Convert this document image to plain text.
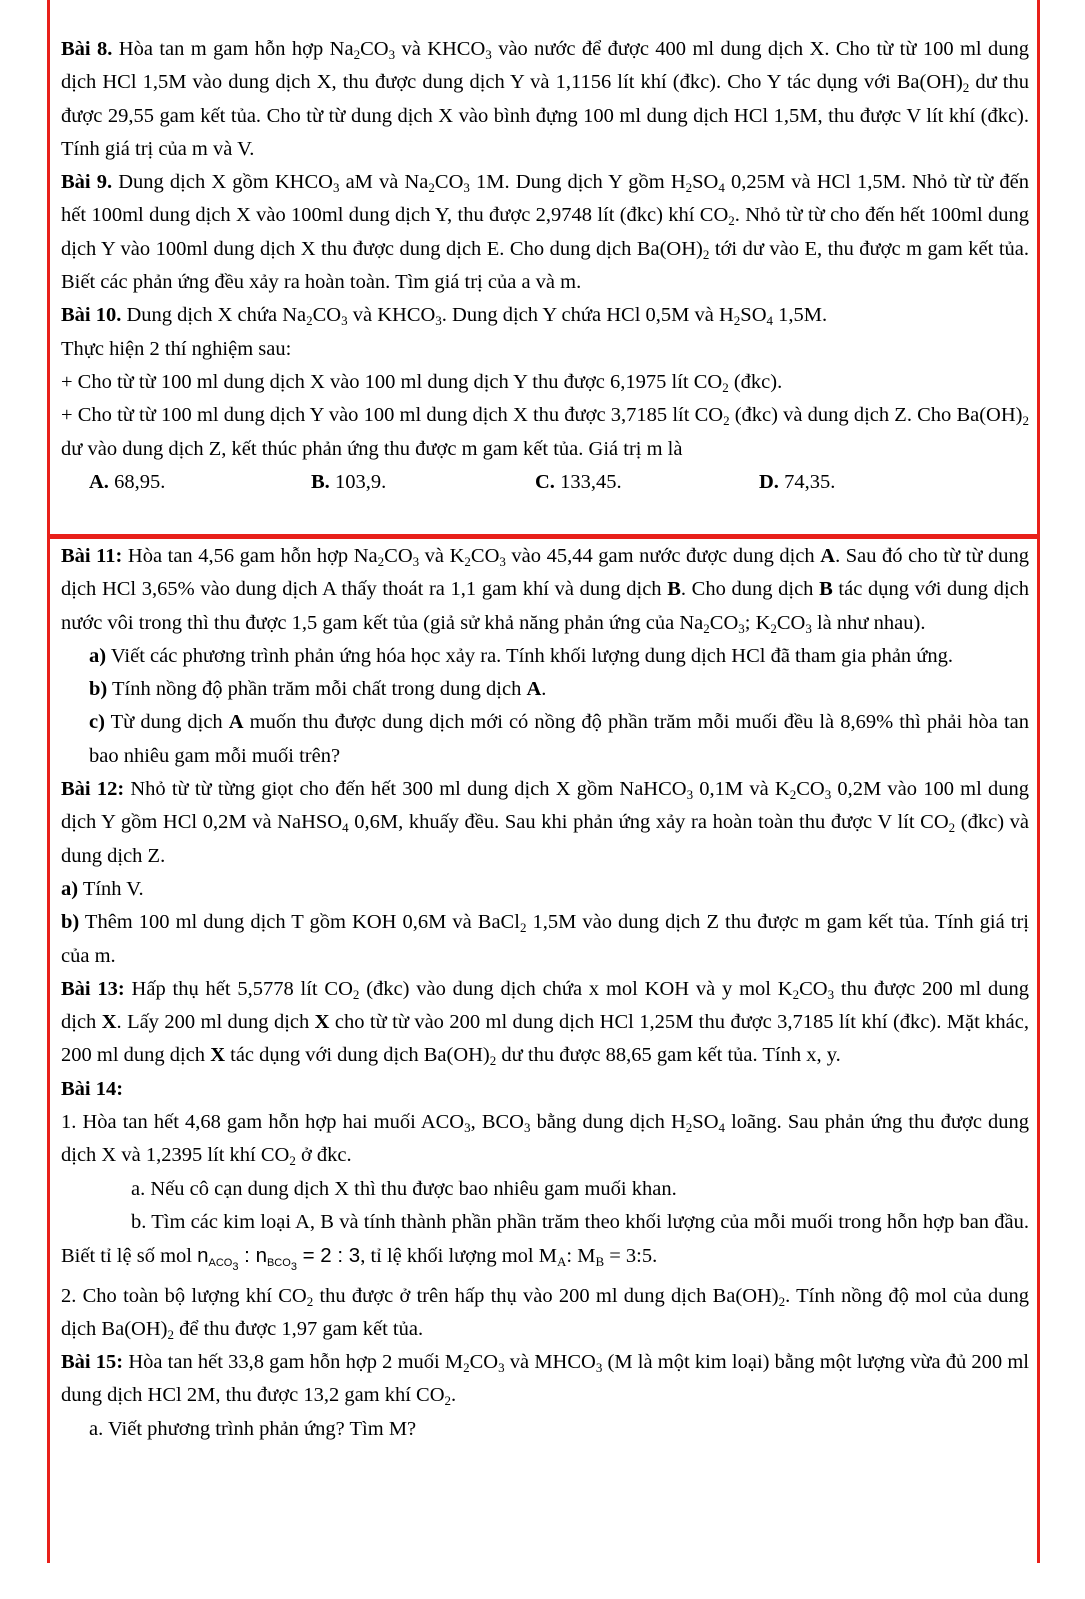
Bài 8. Hòa tan m gam hỗn hợp $Na_2CO_3$ và $KHCO_3$ vào nước để được 400 ml dung dịch X. Cho từ từ 100 ml dung dịch HCl 1,5M vào dung dịch X, thu được dung dịch Y và 1,1156 lít khí (đkc). Cho Y tác dụng với $Ba(OH)_2$ dư thu được 29,55 gam kết tủa. Cho từ từ dung dịch X vào bình đựng 100 ml dung dịch HCl 1,5M, thu được V lít khí (đkc). Tính giá trị của m và V.

Bài 9. Dung dịch X gồm $KHCO_3$ aM và $Na_2CO_3$ 1M. Dung dịch Y gồm $H_2SO_4$ 0,25M và HCl 1,5M. Nhỏ từ từ đến hết 100ml dung dịch X vào 100ml dung dịch Y, thu được 2,9748 lít (đkc) khí $CO_2$. Nhỏ từ từ cho đến hết 100ml dung dịch Y vào 100ml dung dịch X thu được dung dịch E. Cho dung dịch $Ba(OH)_2$ tới dư vào E, thu được m gam kết tủa. Biết các phản ứng đều xảy ra hoàn toàn. Tìm giá trị của a và m.

Bài 10. Dung dịch X chứa $Na_2CO_3$ và $KHCO_3$. Dung dịch Y chứa HCl 0,5M và $H_2SO_4$ 1,5M.

Thực hiện 2 thí nghiệm sau:

+ Cho từ từ 100 ml dung dịch X vào 100 ml dung dịch Y thu được 6,1975 lít $CO_2$ (đkc).

+ Cho từ từ 100 ml dung dịch Y vào 100 ml dung dịch X thu được 3,7185 lít $CO_2$ (đkc) và dung dịch Z. Cho $Ba(OH)_2$ dư vào dung dịch Z, kết thúc phản ứng thu được m gam kết tủa. Giá trị m là

A. 68,95.	B. 103,9.	C. 133,45.	D. 74,35.

Bài 11: Hòa tan 4,56 gam hỗn hợp $Na_2CO_3$ và $K_2CO_3$ vào 45,44 gam nước được dung dịch A. Sau đó cho từ từ dung dịch HCl 3,65% vào dung dịch A thấy thoát ra 1,1 gam khí và dung dịch B. Cho dung dịch B tác dụng với dung dịch nước vôi trong thì thu được 1,5 gam kết tủa (giả sử khả năng phản ứng của $Na_2CO_3$; $K_2CO_3$ là như nhau).

a) Viết các phương trình phản ứng hóa học xảy ra. Tính khối lượng dung dịch HCl đã tham gia phản ứng.

b) Tính nồng độ phần trăm mỗi chất trong dung dịch A.

c) Từ dung dịch A muốn thu được dung dịch mới có nồng độ phần trăm mỗi muối đều là 8,69% thì phải hòa tan bao nhiêu gam mỗi muối trên?

Bài 12: Nhỏ từ từ từng giọt cho đến hết 300 ml dung dịch X gồm NaHCO$_3$ 0,1M và $K_2CO_3$ 0,2M vào 100 ml dung dịch Y gồm HCl 0,2M và NaHSO$_4$ 0,6M, khuấy đều. Sau khi phản ứng xảy ra hoàn toàn thu được V lít $CO_2$ (đkc) và dung dịch Z.

a) Tính V.

b) Thêm 100 ml dung dịch T gồm KOH 0,6M và BaCl$_2$ 1,5M vào dung dịch Z thu được m gam kết tủa. Tính giá trị của m.

Bài 13: Hấp thụ hết 5,5778 lít $CO_2$ (đkc) vào dung dịch chứa x mol KOH và y mol $K_2CO_3$ thu được 200 ml dung dịch X. Lấy 200 ml dung dịch X cho từ từ vào 200 ml dung dịch HCl 1,25M thu được 3,7185 lít khí (đkc). Mặt khác, 200 ml dung dịch X tác dụng với dung dịch $Ba(OH)_2$ dư thu được 88,65 gam kết tủa. Tính x, y.

Bài 14:

1. Hòa tan hết 4,68 gam hỗn hợp hai muối $ACO_3$, $BCO_3$ bằng dung dịch $H_2SO_4$ loãng. Sau phản ứng thu được dung dịch X và 1,2395 lít khí $CO_2$ ở đkc.

a. Nếu cô cạn dung dịch X thì thu được bao nhiêu gam muối khan.

b. Tìm các kim loại A, B và tính thành phần phần trăm theo khối lượng của mỗi muối trong hỗn hợp ban đầu. Biết tỉ lệ số mol $n_{ACO_3}$ : $n_{BCO_3} = 2$ : 3, tỉ lệ khối lượng mol $M_A$: $M_B$ = 3:5.

2. Cho toàn bộ lượng khí $CO_2$ thu được ở trên hấp thụ vào 200 ml dung dịch $Ba(OH)_2$. Tính nồng độ mol của dung dịch $Ba(OH)_2$ để thu được 1,97 gam kết tủa.

Bài 15: Hòa tan hết 33,8 gam hỗn hợp 2 muối $M_2CO_3$ và $MHCO_3$ (M là một kim loại) bằng một lượng vừa đủ 200 ml dung dịch HCl 2M, thu được 13,2 gam khí $CO_2$.

a. Viết phương trình phản ứng? Tìm M?
